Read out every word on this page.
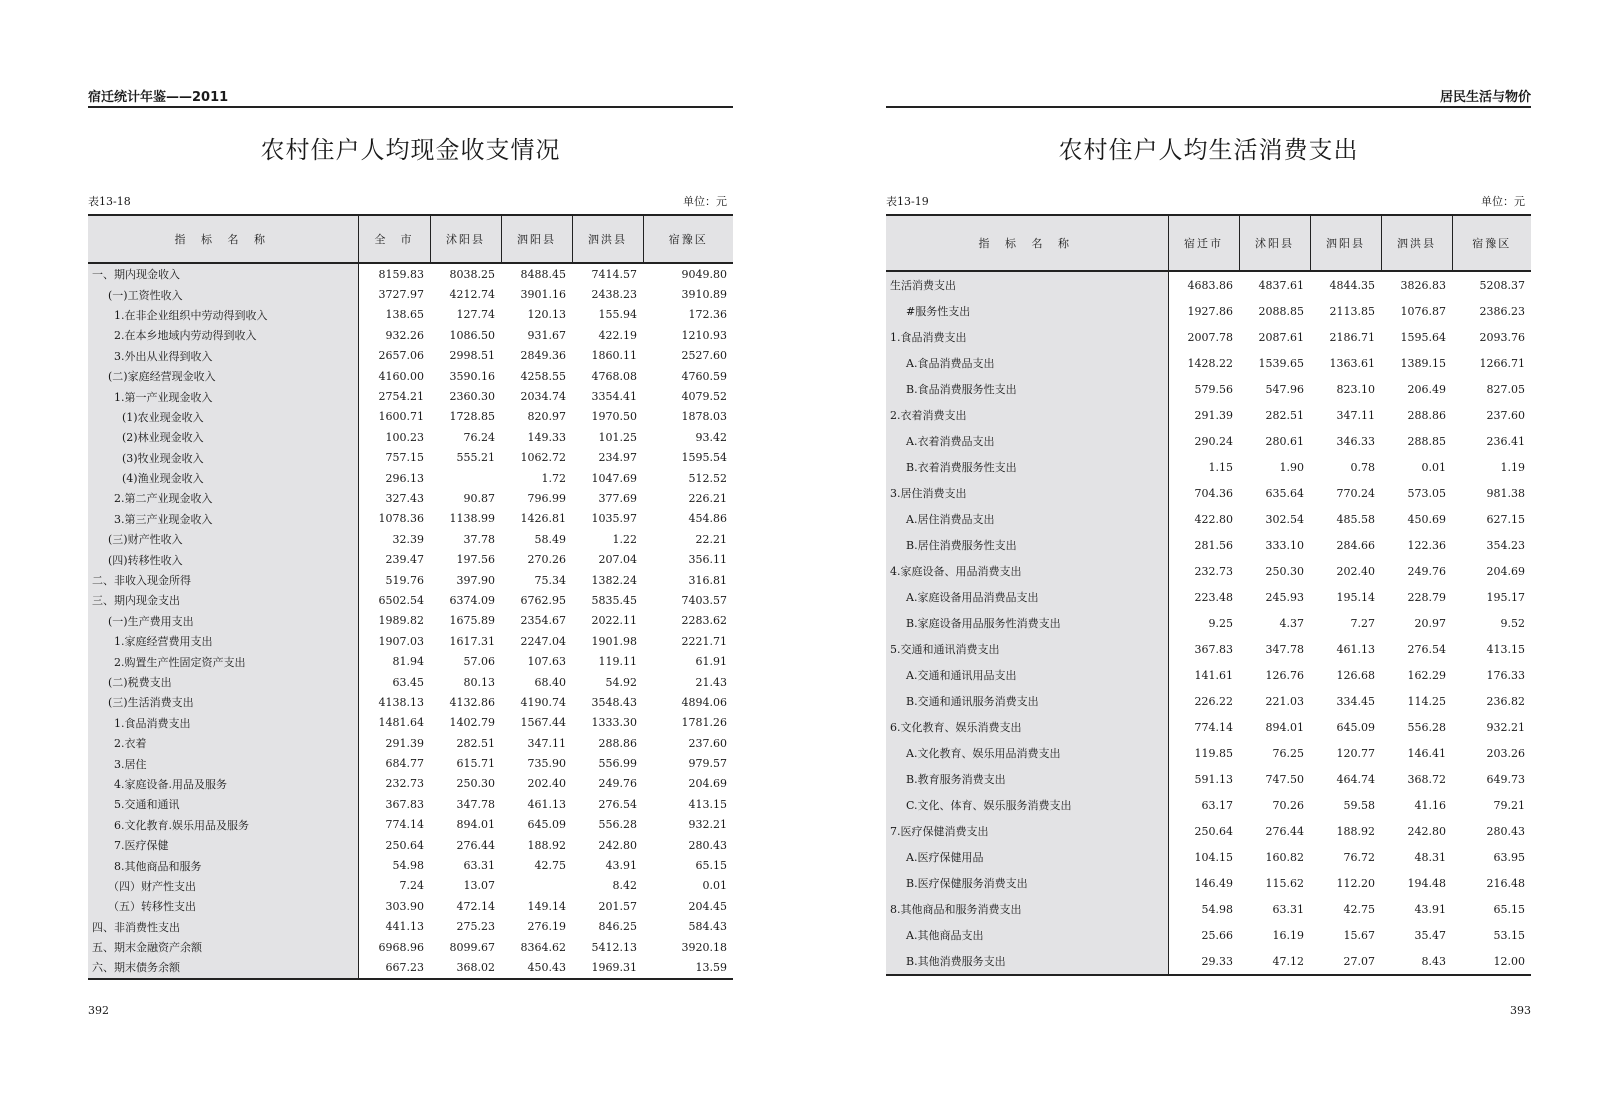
宿迁统计年鉴——2011
农村住户人均现金收支情况
表13-18	单位：元
指 标 名 称	全　市	沭阳县	泗阳县	泗洪县	宿豫区
一、期内现金收入	8159.83	8038.25	8488.45	7414.57	9049.80
(一)工资性收入	3727.97	4212.74	3901.16	2438.23	3910.89
1.在非企业组织中劳动得到收入	138.65	127.74	120.13	155.94	172.36
2.在本乡地域内劳动得到收入	932.26	1086.50	931.67	422.19	1210.93
3.外出从业得到收入	2657.06	2998.51	2849.36	1860.11	2527.60
(二)家庭经营现金收入	4160.00	3590.16	4258.55	4768.08	4760.59
1.第一产业现金收入	2754.21	2360.30	2034.74	3354.41	4079.52
(1)农业现金收入	1600.71	1728.85	820.97	1970.50	1878.03
(2)林业现金收入	100.23	76.24	149.33	101.25	93.42
(3)牧业现金收入	757.15	555.21	1062.72	234.97	1595.54
(4)渔业现金收入	296.13		1.72	1047.69	512.52
2.第二产业现金收入	327.43	90.87	796.99	377.69	226.21
3.第三产业现金收入	1078.36	1138.99	1426.81	1035.97	454.86
(三)财产性收入	32.39	37.78	58.49	1.22	22.21
(四)转移性收入	239.47	197.56	270.26	207.04	356.11
二、非收入现金所得	519.76	397.90	75.34	1382.24	316.81
三、期内现金支出	6502.54	6374.09	6762.95	5835.45	7403.57
(一)生产费用支出	1989.82	1675.89	2354.67	2022.11	2283.62
1.家庭经营费用支出	1907.03	1617.31	2247.04	1901.98	2221.71
2.购置生产性固定资产支出	81.94	57.06	107.63	119.11	61.91
(二)税费支出	63.45	80.13	68.40	54.92	21.43
(三)生活消费支出	4138.13	4132.86	4190.74	3548.43	4894.06
1.食品消费支出	1481.64	1402.79	1567.44	1333.30	1781.26
2.衣着	291.39	282.51	347.11	288.86	237.60
3.居住	684.77	615.71	735.90	556.99	979.57
4.家庭设备.用品及服务	232.73	250.30	202.40	249.76	204.69
5.交通和通讯	367.83	347.78	461.13	276.54	413.15
6.文化教育.娱乐用品及服务	774.14	894.01	645.09	556.28	932.21
7.医疗保健	250.64	276.44	188.92	242.80	280.43
8.其他商品和服务	54.98	63.31	42.75	43.91	65.15
（四）财产性支出	7.24	13.07		8.42	0.01
（五）转移性支出	303.90	472.14	149.14	201.57	204.45
四、非消费性支出	441.13	275.23	276.19	846.25	584.43
五、期末金融资产余额	6968.96	8099.67	8364.62	5412.13	3920.18
六、期末债务余额	667.23	368.02	450.43	1969.31	13.59
392
居民生活与物价
农村住户人均生活消费支出
表13-19	单位：元
指 标 名 称	宿迁市	沭阳县	泗阳县	泗洪县	宿豫区
生活消费支出	4683.86	4837.61	4844.35	3826.83	5208.37
#服务性支出	1927.86	2088.85	2113.85	1076.87	2386.23
1.食品消费支出	2007.78	2087.61	2186.71	1595.64	2093.76
A.食品消费品支出	1428.22	1539.65	1363.61	1389.15	1266.71
B.食品消费服务性支出	579.56	547.96	823.10	206.49	827.05
2.衣着消费支出	291.39	282.51	347.11	288.86	237.60
A.衣着消费品支出	290.24	280.61	346.33	288.85	236.41
B.衣着消费服务性支出	1.15	1.90	0.78	0.01	1.19
3.居住消费支出	704.36	635.64	770.24	573.05	981.38
A.居住消费品支出	422.80	302.54	485.58	450.69	627.15
B.居住消费服务性支出	281.56	333.10	284.66	122.36	354.23
4.家庭设备、用品消费支出	232.73	250.30	202.40	249.76	204.69
A.家庭设备用品消费品支出	223.48	245.93	195.14	228.79	195.17
B.家庭设备用品服务性消费支出	9.25	4.37	7.27	20.97	9.52
5.交通和通讯消费支出	367.83	347.78	461.13	276.54	413.15
A.交通和通讯用品支出	141.61	126.76	126.68	162.29	176.33
B.交通和通讯服务消费支出	226.22	221.03	334.45	114.25	236.82
6.文化教育、娱乐消费支出	774.14	894.01	645.09	556.28	932.21
A.文化教育、娱乐用品消费支出	119.85	76.25	120.77	146.41	203.26
B.教育服务消费支出	591.13	747.50	464.74	368.72	649.73
C.文化、体育、娱乐服务消费支出	63.17	70.26	59.58	41.16	79.21
7.医疗保健消费支出	250.64	276.44	188.92	242.80	280.43
A.医疗保健用品	104.15	160.82	76.72	48.31	63.95
B.医疗保健服务消费支出	146.49	115.62	112.20	194.48	216.48
8.其他商品和服务消费支出	54.98	63.31	42.75	43.91	65.15
A.其他商品支出	25.66	16.19	15.67	35.47	53.15
B.其他消费服务支出	29.33	47.12	27.07	8.43	12.00
393
